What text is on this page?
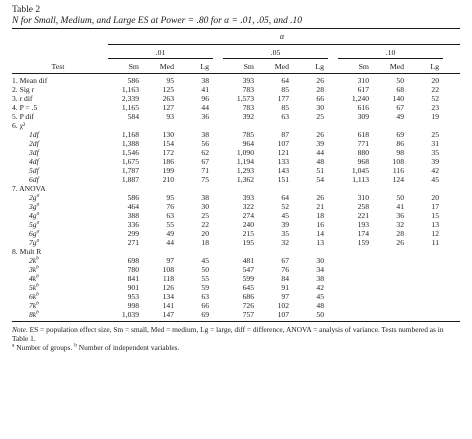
Table 2

N for Small, Medium, and Large ES at Power = .80 for α = .01, .05, and .10

α
.01	.05	.10
Test	Sm	Med	Lg	Sm	Med	Lg	Sm	Med	Lg
1. Mean dif	586	95	38	393	64	26	310	50	20
2. Sig r	1,163	125	41	783	85	28	617	68	22
3. r dif	2,339	263	96	1,573	177	66	1,240	140	52
4. P = .5	1,165	127	44	783	85	30	616	67	23
5. P dif	584	93	36	392	63	25	309	49	19
6. χ²
1df	1,168	130	38	785	87	26	618	69	25
2df	1,388	154	56	964	107	39	771	86	31
3df	1,546	172	62	1,090	121	44	880	98	35
4df	1,675	186	67	1,194	133	48	968	108	39
5df	1,787	199	71	1,293	143	51	1,045	116	42
6df	1,887	210	75	1,362	151	54	1,113	124	45
7. ANOVA
$2g^a$	586	95	38	393	64	26	310	50	20
$3g^a$	464	76	30	322	52	21	258	41	17
$4g^a$	388	63	25	274	45	18	221	36	15
$5g^a$	336	55	22	240	39	16	193	32	13
$6g^a$	299	49	20	215	35	14	174	28	12
$7g^a$	271	44	18	195	32	13	159	26	11
8. Mult R
$2k^b$	698	97	45	481	67	30
$3k^b$	780	108	50	547	76	34
$4k^b$	841	118	55	599	84	38
$5k^b$	901	126	59	645	91	42
$6k^b$	953	134	63	686	97	45
$7k^b$	998	141	66	726	102	48
$8k^b$	1,039	147	69	757	107	50
Note. ES = population effect size, Sm = small, Med = medium, Lg = large, diff = difference, ANOVA = analysis of variance. Tests numbered as in Table 1.
$^a$ Number of groups. $^b$ Number of independent variables.
